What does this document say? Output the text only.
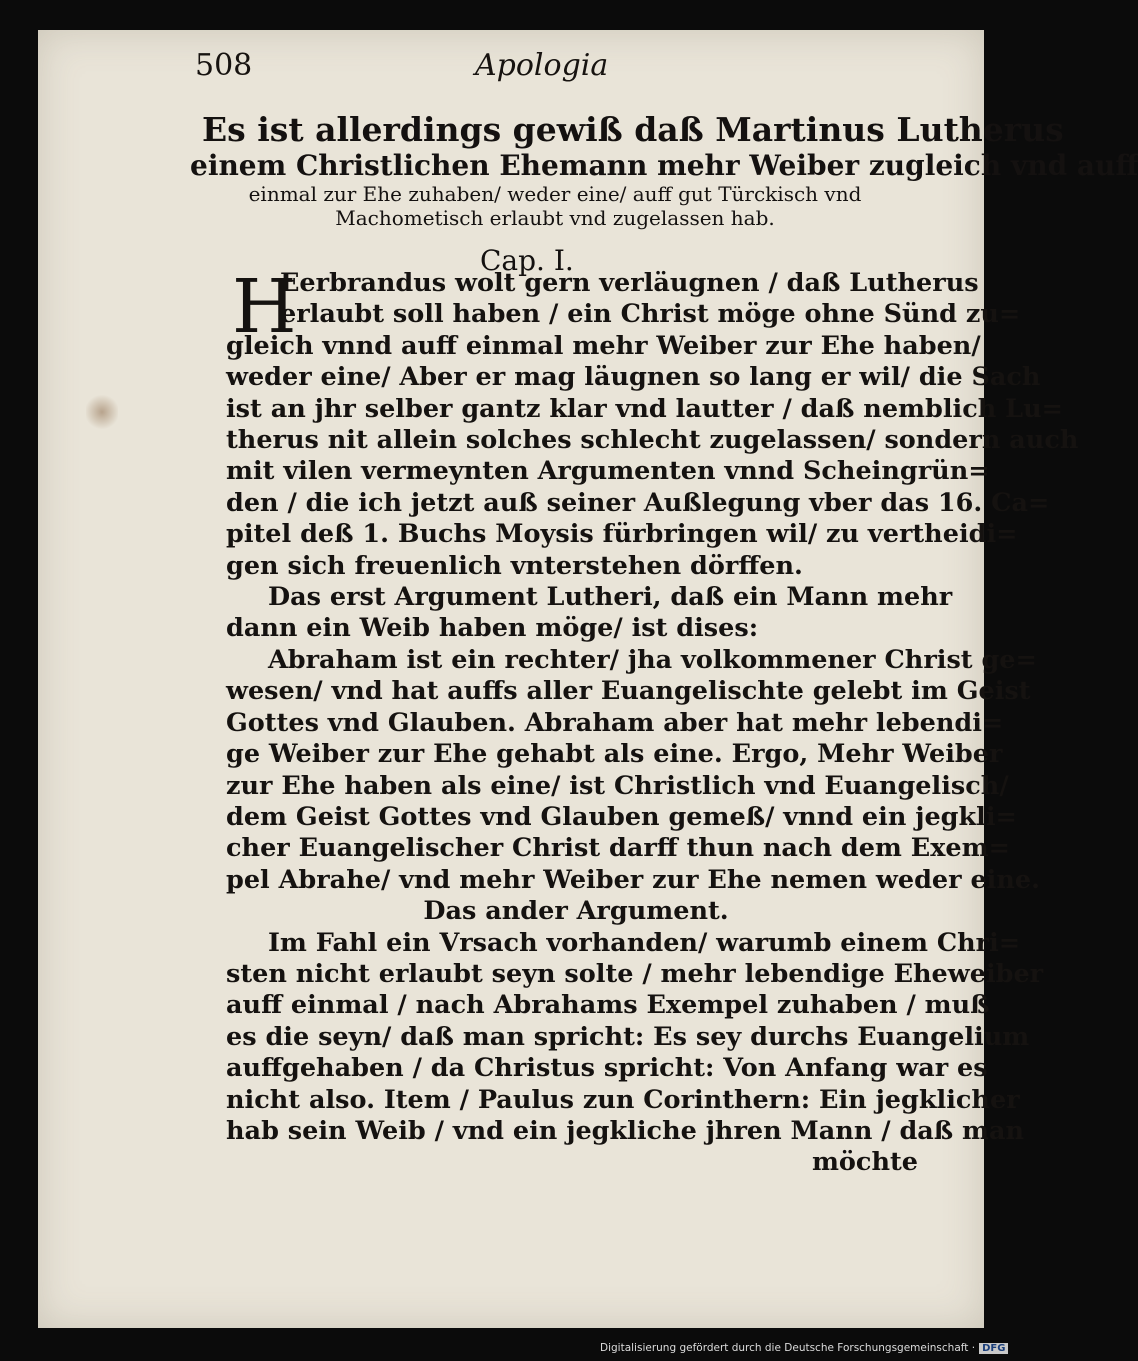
508	Apologia
Es ist allerdings gewiß daß Martinus Lutherus
einem Christlichen Ehemann mehr Weiber zugleich vnd auff
einmal zur Ehe zuhaben/ weder eine/ auff gut Türckisch vnd
Machometisch erlaubt vnd zugelassen hab.
Cap. I.
H
Eerbrandus wolt gern verläugnen / daß Lutherus
erlaubt soll haben / ein Christ möge ohne Sünd zu=
gleich vnnd auff einmal mehr Weiber zur Ehe haben/
weder eine/ Aber er mag läugnen so lang er wil/ die Sach
ist an jhr selber gantz klar vnd lautter / daß nemblich Lu=
therus nit allein solches schlecht zugelassen/ sondern auch
mit vilen vermeynten Argumenten vnnd Scheingrün=
den / die ich jetzt auß seiner Außlegung vber das 16. Ca=
pitel deß 1. Buchs Moysis fürbringen wil/ zu vertheidi=
gen sich freuenlich vnterstehen dörffen.
Das erst Argument Lutheri, daß ein Mann mehr
dann ein Weib haben möge/ ist dises:
Abraham ist ein rechter/ jha volkommener Christ ge=
wesen/ vnd hat auffs aller Euangelischte gelebt im Geist
Gottes vnd Glauben. Abraham aber hat mehr lebendi=
ge Weiber zur Ehe gehabt als eine. Ergo, Mehr Weiber
zur Ehe haben als eine/ ist Christlich vnd Euangelisch/
dem Geist Gottes vnd Glauben gemeß/ vnnd ein jegkli=
cher Euangelischer Christ darff thun nach dem Exem=
pel Abrahe/ vnd mehr Weiber zur Ehe nemen weder eine.
Das ander Argument.
Im Fahl ein Vrsach vorhanden/ warumb einem Chri=
sten nicht erlaubt seyn solte / mehr lebendige Eheweiber
auff einmal / nach Abrahams Exempel zuhaben / muß
es die seyn/ daß man spricht: Es sey durchs Euangelium
auffgehaben / da Christus spricht: Von Anfang war es
nicht also. Item / Paulus zun Corinthern: Ein jegklicher
hab sein Weib / vnd ein jegkliche jhren Mann / daß man
möchte
Digitalisierung gefördert durch die Deutsche Forschungsgemeinschaft · DFG
